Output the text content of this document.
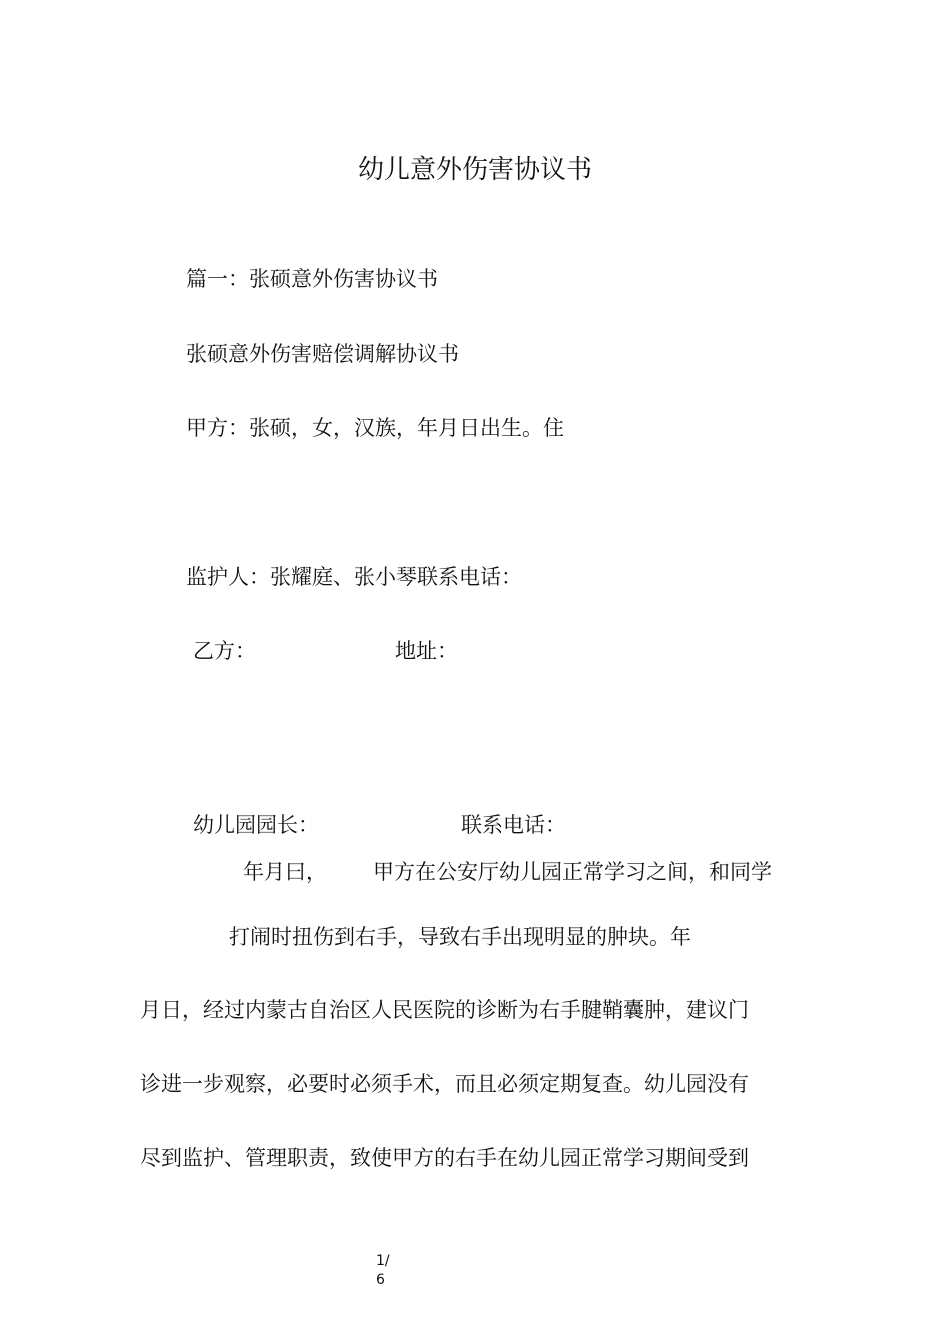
幼儿意外伤害协议书
篇一：张硕意外伤害协议书
张硕意外伤害赔偿调解协议书
甲方：张硕，女，汉族，年月日出生。住
监护人：张耀庭、张小琴联系电话：
乙方：	地址：
幼儿园园长：	联系电话：
年月曰， 甲方在公安厅幼儿园正常学习之间，和同学
打闹时扭伤到右手，导致右手出现明显的肿块。年
月日，经过内蒙古自治区人民医院的诊断为右手腱鞘囊肿，建议门
诊进一步观察，必要时必须手术，而且必须定期复查。幼儿园没有
尽到监护、管理职责，致使甲方的右手在幼儿园正常学习期间受到
1/
6
